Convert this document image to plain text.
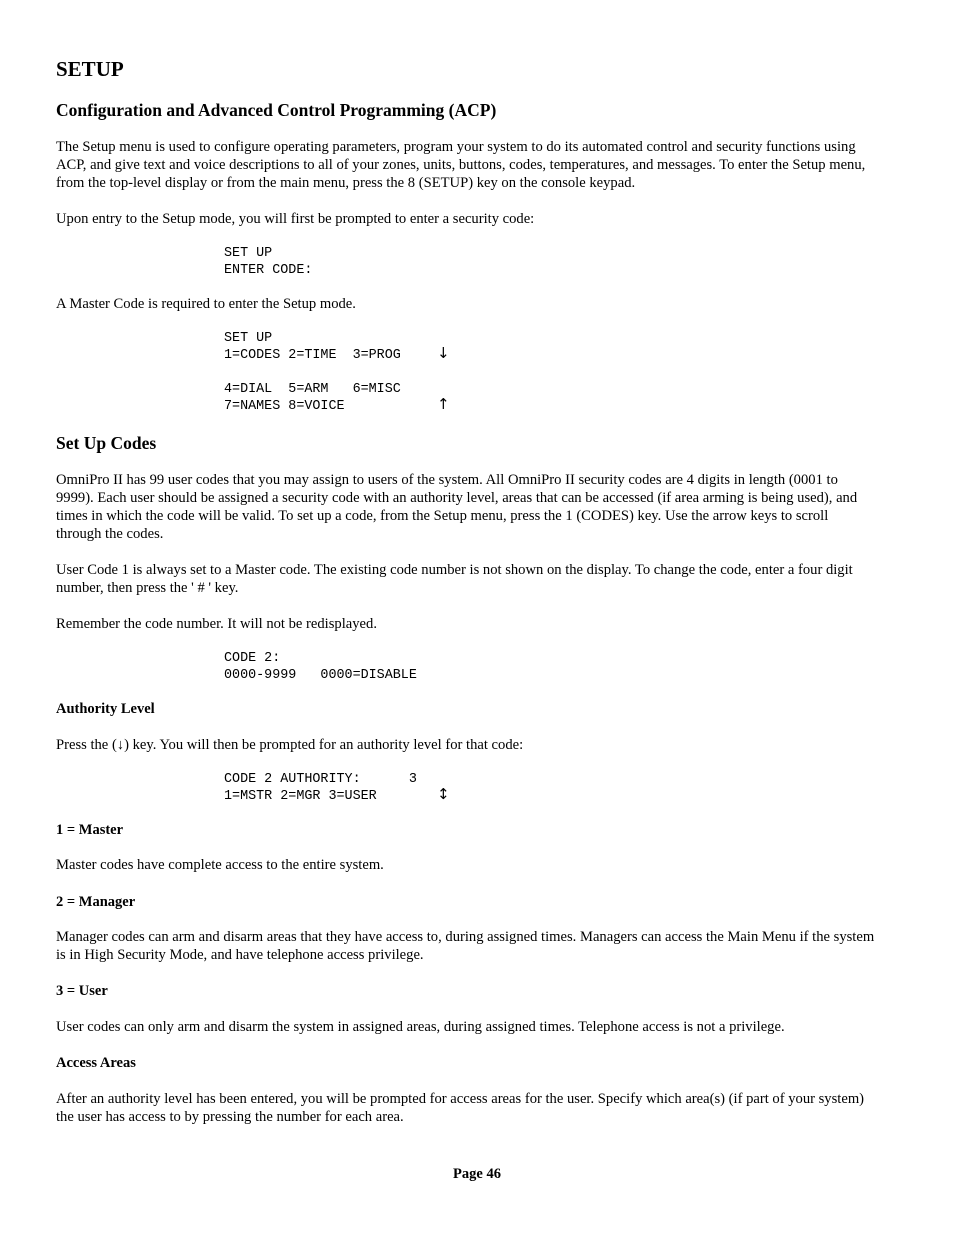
SETUP
Configuration and Advanced Control Programming (ACP)
The Setup menu is used to configure operating parameters, program your system to do its automated control and security functions using ACP, and give text and voice descriptions to all of your zones, units, buttons, codes, temperatures, and messages. To enter the Setup menu, from the top-level display or from the main menu, press the 8 (SETUP) key on the console keypad.
Upon entry to the Setup mode, you will first be prompted to enter a security code:
SET UP
ENTER CODE:
A Master Code is required to enter the Setup mode.
SET UP
1=CODES 2=TIME  3=PROG

4=DIAL  5=ARM   6=MISC
7=NAMES 8=VOICE
↓
↑
Set Up Codes
OmniPro II has 99 user codes that you may assign to users of the system. All OmniPro II security codes are 4 digits in length (0001 to 9999). Each user should be assigned a security code with an authority level, areas that can be accessed (if area arming is being used), and times in which the code will be valid. To set up a code, from the Setup menu, press the 1 (CODES) key. Use the arrow keys to scroll through the codes.
User Code 1 is always set to a Master code. The existing code number is not shown on the display. To change the code, enter a four digit number, then press the ' # ' key.
Remember the code number. It will not be redisplayed.
CODE 2:
0000-9999   0000=DISABLE
Authority Level
Press the (↓) key. You will then be prompted for an authority level for that code:
CODE 2 AUTHORITY:      3
1=MSTR 2=MGR 3=USER	↕
1 = Master
Master codes have complete access to the entire system.
2 = Manager
Manager codes can arm and disarm areas that they have access to, during assigned times. Managers can access the Main Menu if the system is in High Security Mode, and have telephone access privilege.
3 = User
User codes can only arm and disarm the system in assigned areas, during assigned times. Telephone access is not a privilege.
Access Areas
After an authority level has been entered, you will be prompted for access areas for the user. Specify which area(s) (if part of your system) the user has access to by pressing the number for each area.
Page 46
